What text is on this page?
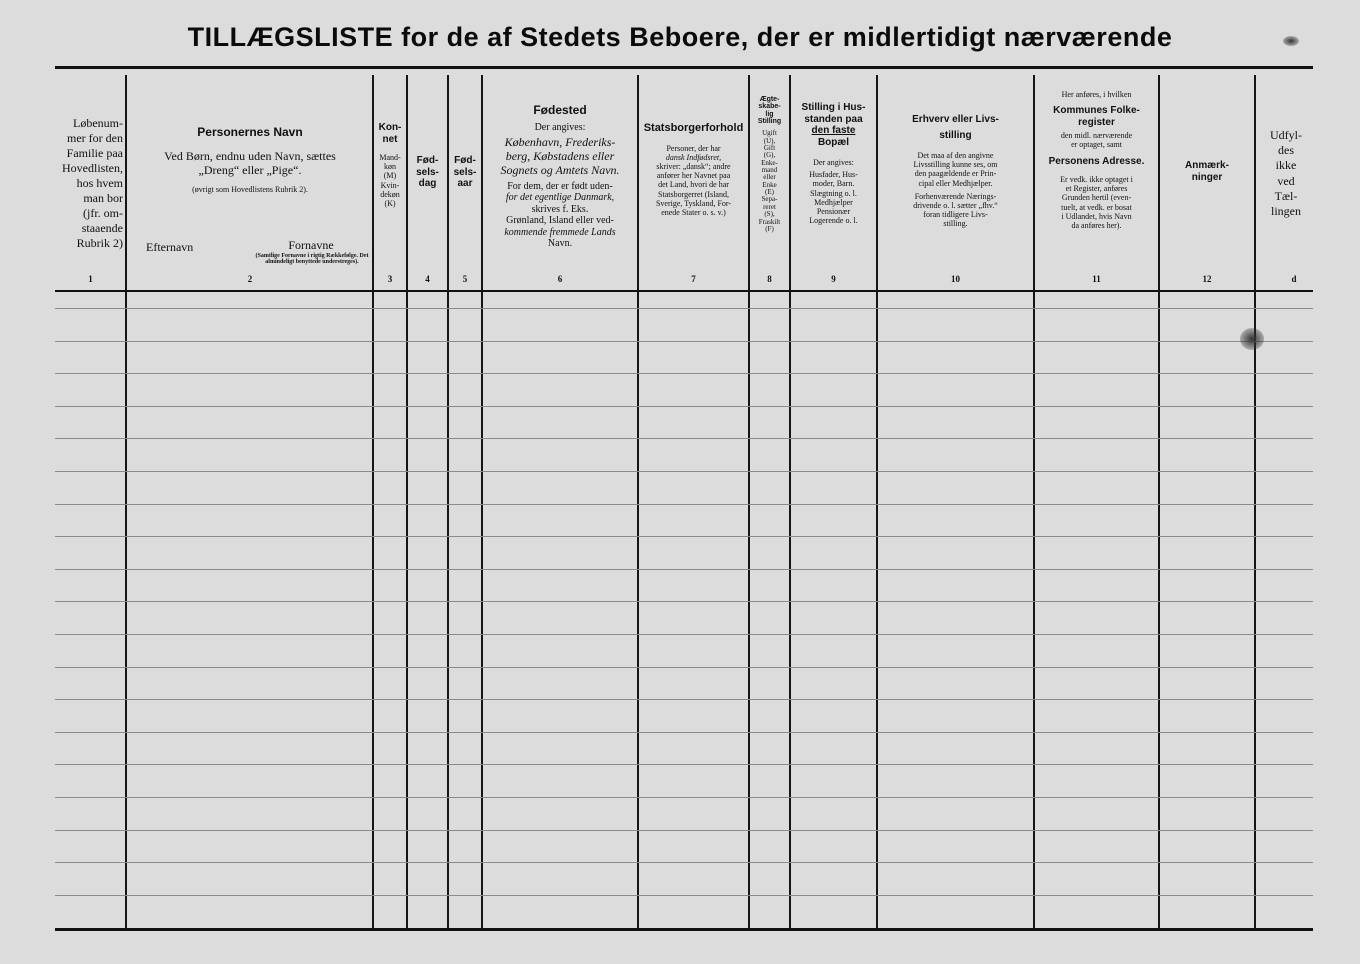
TILLÆGSLISTE for de af Stedets Beboere, der er midlertidigt nærværende
Løbenum-
mer for den
Familie paa
Hovedlisten,
hos hvem
man bor
(jfr. om-
staaende
Rubrik 2)
1
Personernes Navn
Ved Børn, endnu uden Navn, sættes
„Dreng“ eller „Pige“.
(øvrigt som Hovedlistens Rubrik 2).
Efternavn	Fornavne
(Samtlige Fornavne i rigtig Rækkefølge. Det almindeligt benyttede understreges).
2
Kon-
net
Mand-
køn
(M)
Kvin-
dekøn
(K)
3
Fød-
sels-
dag
4
Fød-
sels-
aar
5
Fødested
Der angives:
København, Frederiks-
berg, Købstadens eller
Sognets og Amtets Navn.
For dem, der er født uden-
for det egentlige Danmark,
skrives f. Eks.
Grønland, Island eller ved-
kommende fremmede Lands
Navn.
6
Statsborgerforhold
Personer, der har
dansk Indfødsret,
skriver: „dansk“; andre
anfører her Navnet paa
det Land, hvori de har
Statsborgerret (Island,
Sverige, Tyskland, For-
enede Stater o. s. v.)
7
Ægte-
skabe-
lig
Stilling
Ugift
(U),
Gift
(G),
Enke-
mand
eller
Enke
(E)
Sepa-
reret
(S),
Fraskilt
(F)
8
Stilling i Hus-
standen paa
den faste
Bopæl
Der angives:
Husfader, Hus-
moder, Barn.
Slægtning o. l.
Medhjælper
Pensionær
Logerende o. l.
9
Erhverv eller Livs-
stilling
Det maa af den angivne
Livsstilling kunne ses, om
den paagældende er Prin-
cipal eller Medhjælper.
Forhenværende Nærings-
drivende o. l. sætter „fhv.“
foran tidligere Livs-
stilling.
10
Her anføres, i hvilken
Kommunes Folke-
register
den midl. nærværende
er optaget, samt
Personens Adresse.
Er vedk. ikke optaget i
et Register, anføres
Grunden hertil (even-
tuelt, at vedk. er bosat
i Udlandet, hvis Navn
da anføres her).
11
Anmærk-
ninger
12
Udfyl-
des
ikke
ved
Tæl-
lingen
d
